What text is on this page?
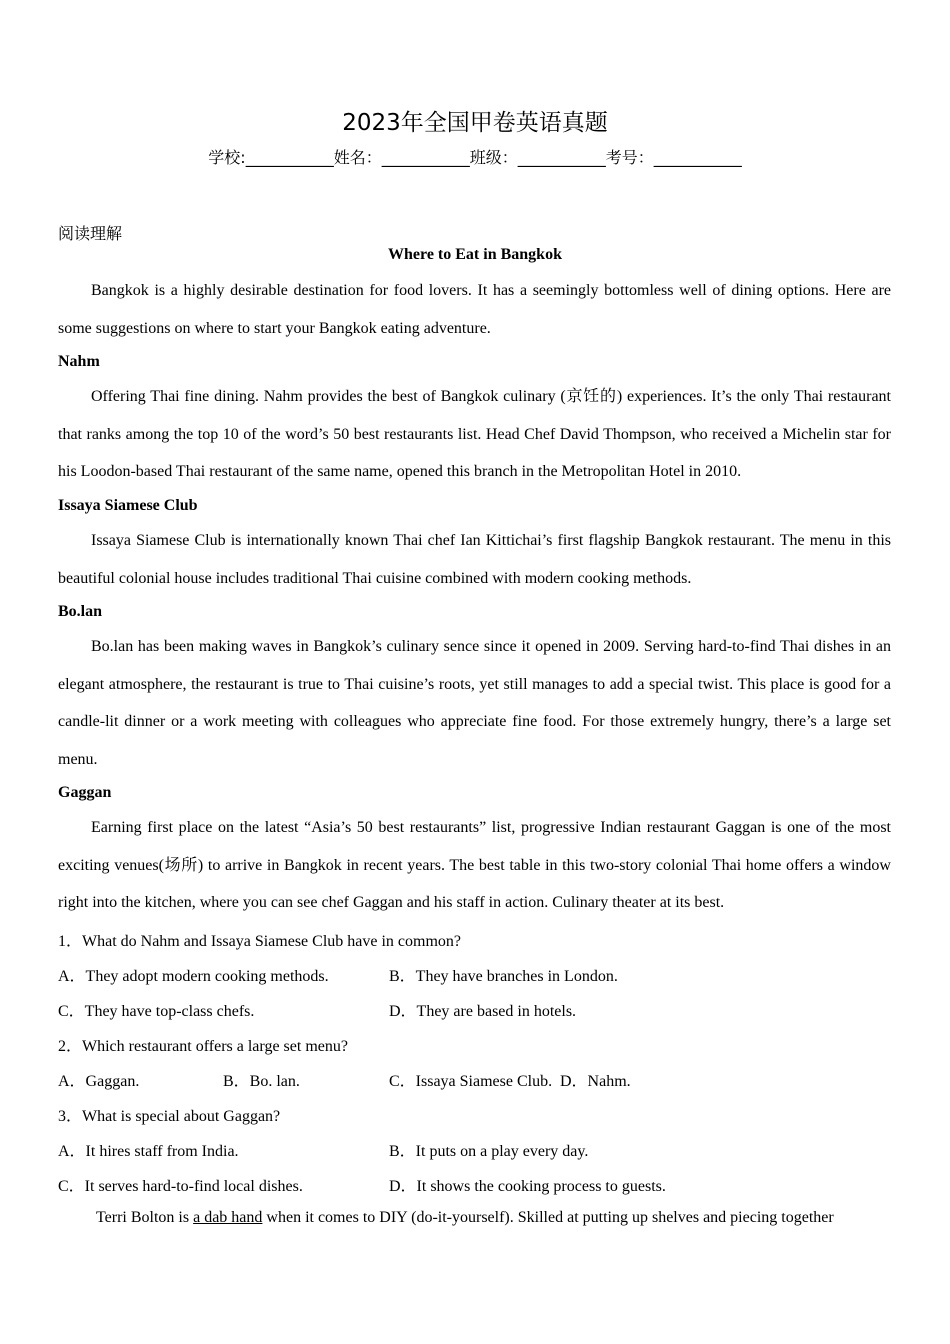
2023年全国甲卷英语真题
学校:___________姓名：___________班级：___________考号：___________
阅读理解
Where to Eat in Bangkok
Bangkok is a highly desirable destination for food lovers. It has a seemingly bottomless well of dining options. Here are some suggestions on where to start your Bangkok eating adventure.
Nahm
Offering Thai fine dining. Nahm provides the best of Bangkok culinary (京饪的) experiences. It’s the only Thai restaurant that ranks among the top 10 of the word’s 50 best restaurants list. Head Chef David Thompson, who received a Michelin star for his Loodon-based Thai restaurant of the same name, opened this branch in the Metropolitan Hotel in 2010.
Issaya Siamese Club
Issaya Siamese Club is internationally known Thai chef Ian Kittichai’s first flagship Bangkok restaurant. The menu in this beautiful colonial house includes traditional Thai cuisine combined with modern cooking methods.
Bo.lan
Bo.lan has been making waves in Bangkok’s culinary sence since it opened in 2009. Serving hard-to-find Thai dishes in an elegant atmosphere, the restaurant is true to Thai cuisine’s roots, yet still manages to add a special twist. This place is good for a candle-lit dinner or a work meeting with colleagues who appreciate fine food. For those extremely hungry, there’s a large set menu.
Gaggan
Earning first place on the latest “Asia’s 50 best restaurants” list, progressive Indian restaurant Gaggan is one of the most exciting venues(场所) to arrive in Bangkok in recent years. The best table in this two-story colonial Thai home offers a window right into the kitchen, where you can see chef Gaggan and his staff in action. Culinary theater at its best.
1．What do Nahm and Issaya Siamese Club have in common?
A．They adopt modern cooking methods.	B．They have branches in London.
C．They have top-class chefs.	D．They are based in hotels.
2．Which restaurant offers a large set menu?
A．Gaggan.	B．Bo. lan.	C．Issaya Siamese Club. D．Nahm.
3．What is special about Gaggan?
A．It hires staff from India.	B．It puts on a play every day.
C．It serves hard-to-find local dishes.	D．It shows the cooking process to guests.
Terri Bolton is a dab hand when it comes to DIY (do-it-yourself). Skilled at putting up shelves and piecing together
